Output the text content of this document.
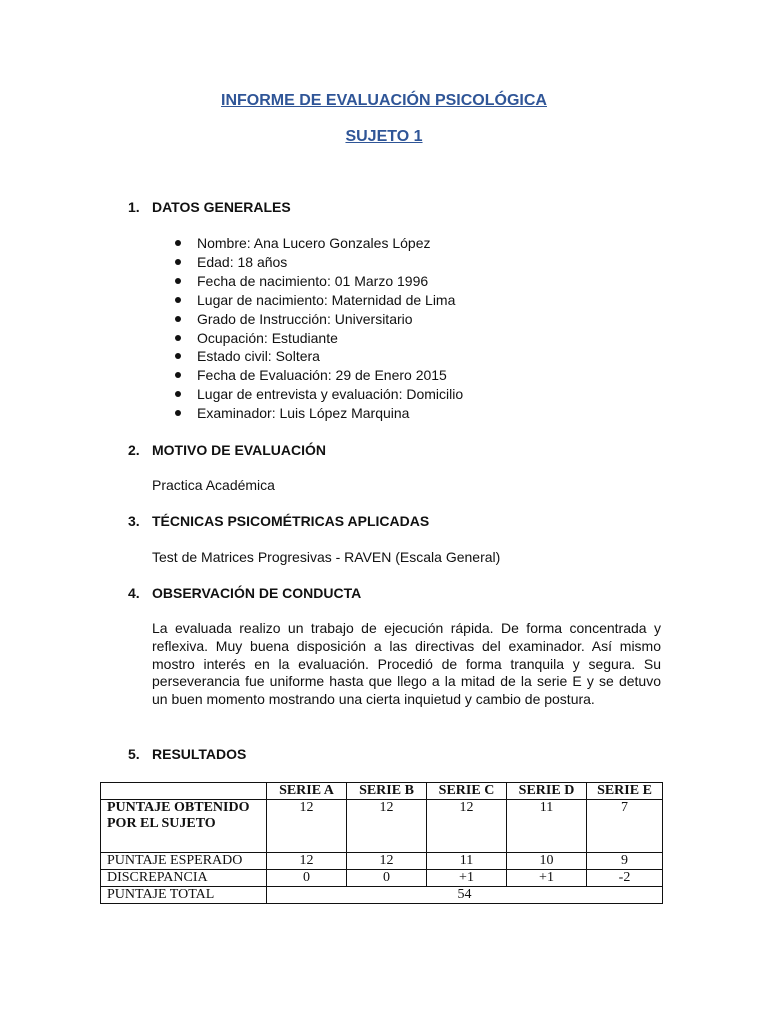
INFORME DE EVALUACIÓN PSICOLÓGICA
SUJETO 1
1. DATOS GENERALES
Nombre: Ana Lucero Gonzales López
Edad: 18 años
Fecha de nacimiento: 01 Marzo 1996
Lugar de nacimiento: Maternidad de Lima
Grado de Instrucción: Universitario
Ocupación: Estudiante
Estado civil: Soltera
Fecha de Evaluación: 29 de Enero 2015
Lugar de entrevista y evaluación: Domicilio
Examinador: Luis López Marquina
2. MOTIVO DE EVALUACIÓN
Practica Académica
3. TÉCNICAS PSICOMÉTRICAS APLICADAS
Test de Matrices Progresivas - RAVEN (Escala General)
4. OBSERVACIÓN DE CONDUCTA
La evaluada realizo un trabajo de ejecución rápida. De forma concentrada y reflexiva. Muy buena disposición a las directivas del examinador. Así mismo mostro interés en la evaluación. Procedió de forma tranquila y segura. Su perseverancia fue uniforme hasta que llego a la mitad de la serie E y se detuvo un buen momento mostrando una cierta inquietud y cambio de postura.
5. RESULTADOS
	SERIE A	SERIE B	SERIE C	SERIE D	SERIE E
PUNTAJE OBTENIDO POR EL SUJETO	12	12	12	11	7
PUNTAJE ESPERADO	12	12	11	10	9
DISCREPANCIA	0	0	+1	+1	-2
PUNTAJE TOTAL	54				
